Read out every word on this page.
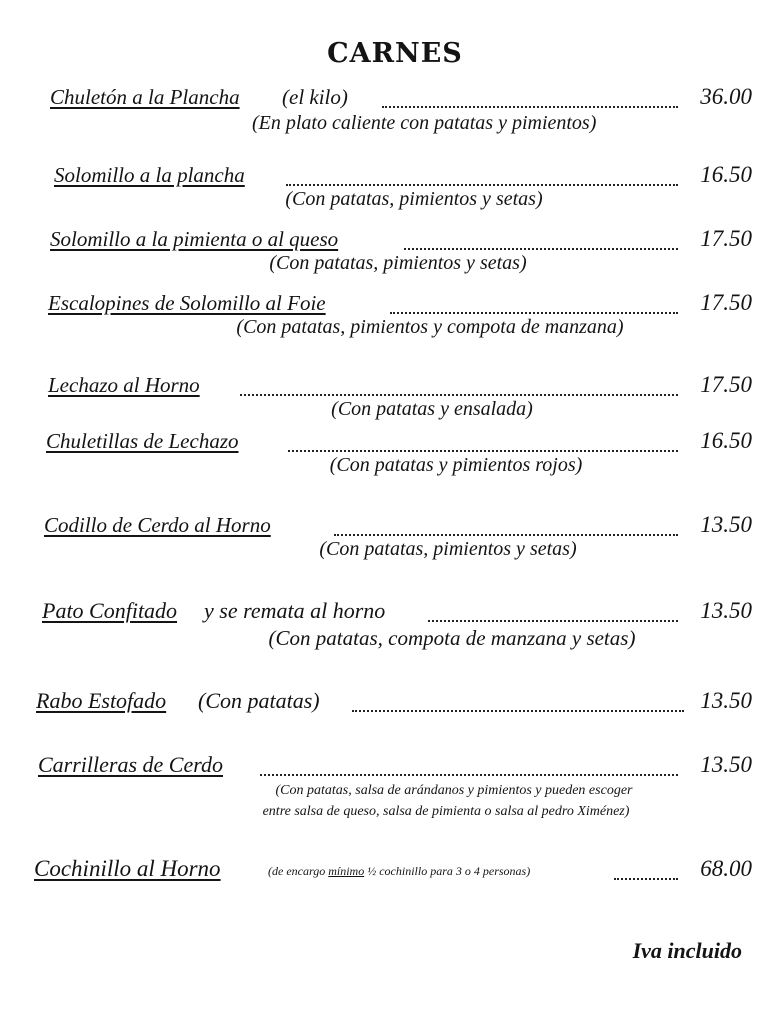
CARNES
Chuletón a la Plancha (el kilo)	36.00
(En plato caliente con patatas y pimientos)
Solomillo a la plancha	16.50
(Con patatas, pimientos y setas)
Solomillo a la pimienta o al queso	17.50
(Con patatas, pimientos y setas)
Escalopines de Solomillo al Foie	17.50
(Con patatas, pimientos y compota de manzana)
Lechazo al Horno	17.50
(Con patatas y ensalada)
Chuletillas de Lechazo	16.50
(Con patatas y pimientos rojos)
Codillo de Cerdo al Horno	13.50
(Con patatas, pimientos y setas)
Pato Confitado y se remata al horno	13.50
(Con patatas, compota de manzana y setas)
Rabo Estofado (Con patatas)	13.50
Carrilleras de Cerdo	13.50
(Con patatas, salsa de arándanos y pimientos y pueden escoger
entre salsa de queso, salsa de pimienta o salsa al pedro Ximénez)
Cochinillo al Horno	(de encargo mínimo ½ cochinillo para 3 o 4 personas)	68.00
Iva incluido
